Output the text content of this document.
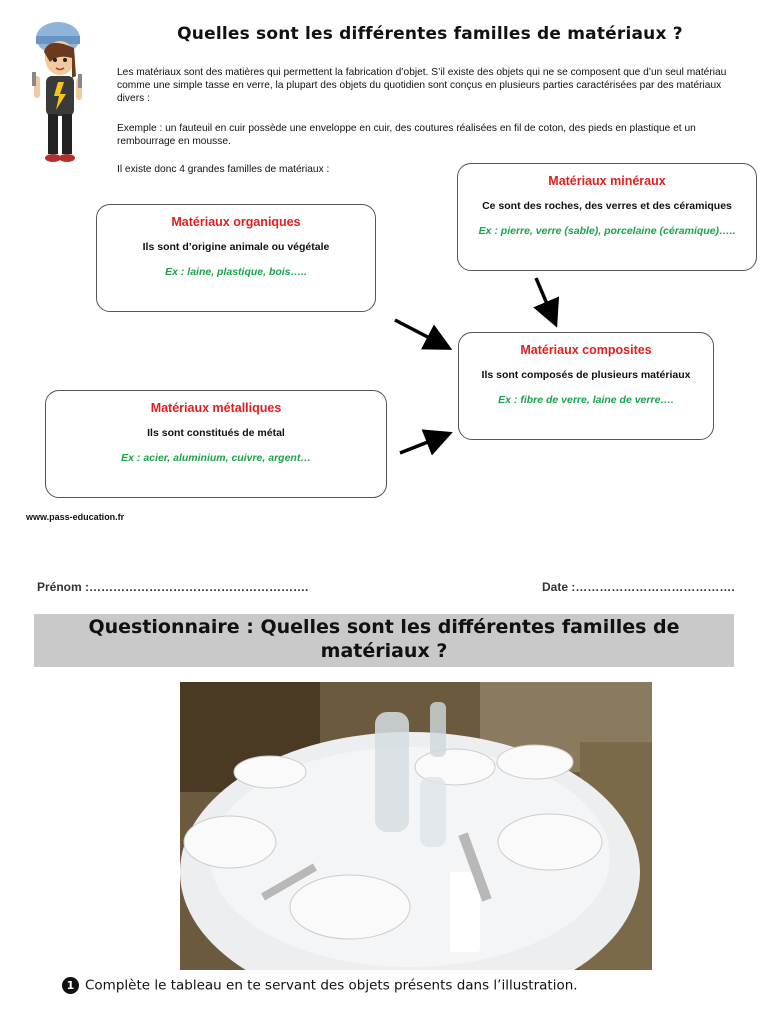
Quelles sont les différentes familles de matériaux ?
Les matériaux sont des matières qui permettent la fabrication d’objet. S’il existe des objets qui ne se composent que d’un seul matériau comme une simple tasse en verre, la plupart des objets du quotidien sont conçus en plusieurs parties caractérisées par des matériaux divers :
Exemple : un fauteuil en cuir possède une enveloppe en cuir, des coutures réalisées en fil de coton, des pieds en plastique et un rembourrage en mousse.
Il existe donc 4 grandes familles de matériaux :
Matériaux organiques
Ils sont d’origine animale ou végétale
Ex : laine, plastique, bois…..
Matériaux minéraux
Ce sont des roches, des verres et des céramiques
Ex : pierre, verre (sable), porcelaine (céramique)…..
Matériaux composites
Ils sont composés de plusieurs matériaux
Ex : fibre de verre, laine de verre….
Matériaux métalliques
Ils sont constitués de métal
Ex : acier, aluminium, cuivre, argent…
www.pass-education.fr
Prénom :……………………………………………….	Date :………………………………….
Questionnaire : Quelles sont les différentes familles de
matériaux ?
1 Complète le tableau en te servant des objets présents dans l’illustration.
